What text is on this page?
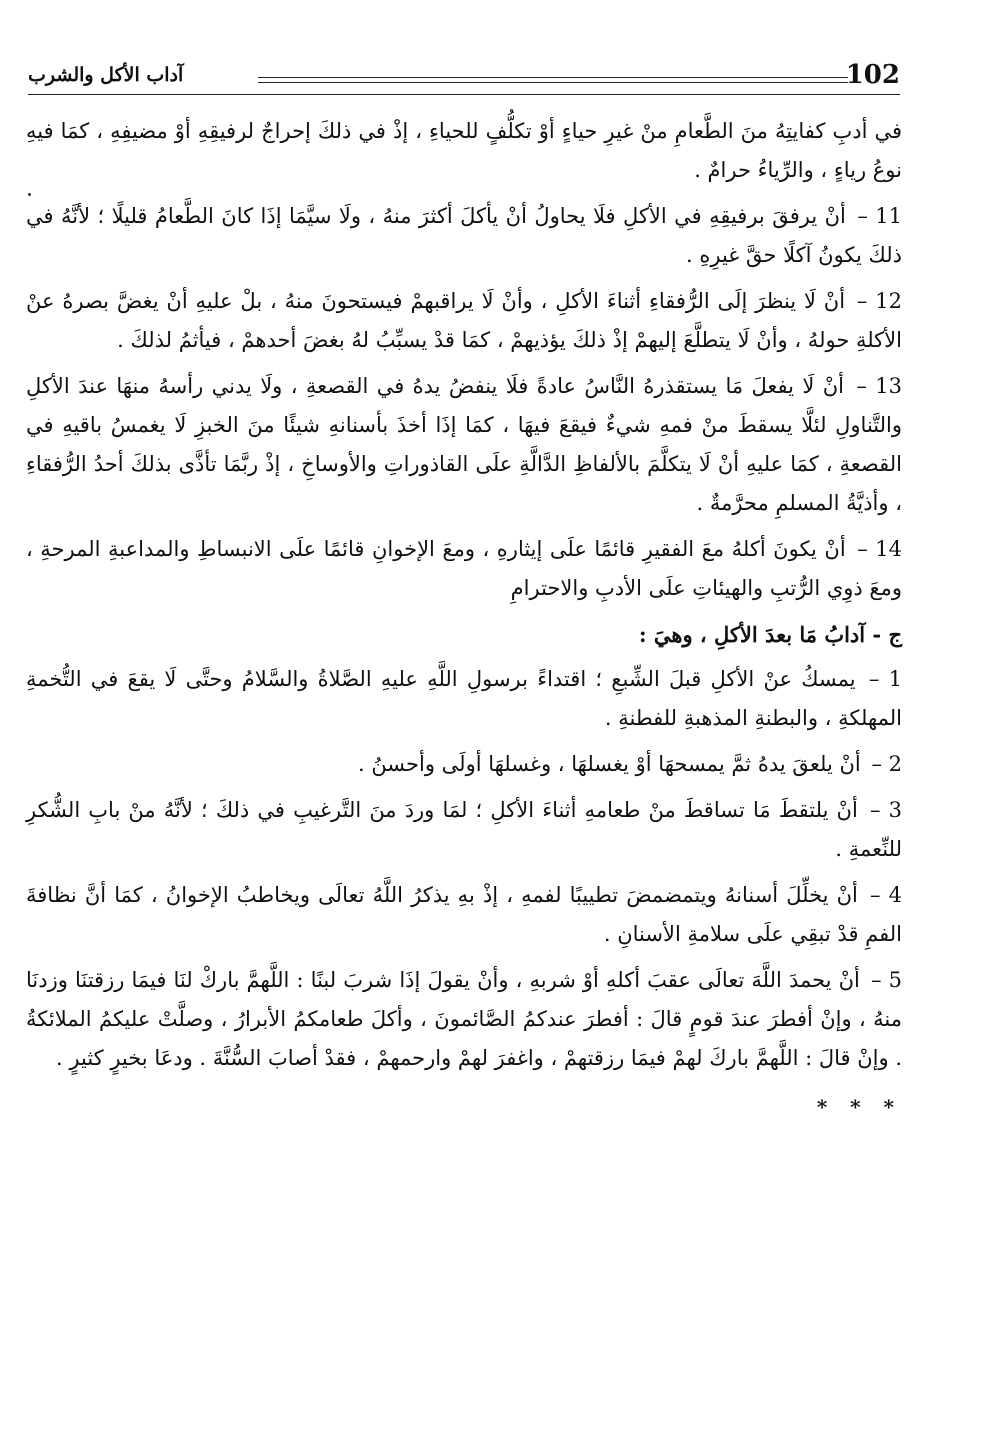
آداب الأكل والشرب	102

في أدبِ كفايتِهُ منَ الطَّعامِ منْ غيرِ حياءٍ أوْ تكلُّفٍ للحياءِ ، إذْ في ذلكَ إحراجٌ لرفيقِهِ أوْ مضيفِهِ ، كمَا فيهِ نوعُ رياءٍ ، والرِّياءُ حرامٌ .

11 – أنْ يرفقَ برفيقِهِ في الأكلِ فلَا يحاولُ أنْ يأكلَ أكثرَ منهُ ، ولَا سيَّمَا إذَا كانَ الطَّعامُ قليلًا ؛ لأنَّهُ في ذلكَ يكونُ آكلًا حقَّ غيرِهِ .

12 – أنْ لَا ينظرَ إلَى الرُّفقاءِ أثناءَ الأكلِ ، وأنْ لَا يراقبهمْ فيستحونَ منهُ ، بلْ عليهِ أنْ يغضَّ بصرهُ عنْ الأكلةِ حولهُ ، وأنْ لَا يتطلَّعَ إليهمْ إذْ ذلكَ يؤذيهمْ ، كمَا قدْ يسبِّبُ لهُ بغضَ أحدهمْ ، فيأثمُ لذلكَ .

13 – أنْ لَا يفعلَ مَا يستقذرهُ النَّاسُ عادةً فلَا ينفضُ يدهُ في القصعةِ ، ولَا يدني رأسهُ منهَا عندَ الأكلِ والتَّناولِ لئلَّا يسقطَ منْ فمهِ شيءٌ فيقعَ فيهَا ، كمَا إذَا أخذَ بأسنانهِ شيئًا منَ الخبزِ لَا يغمسُ باقيهِ في القصعةِ ، كمَا عليهِ أنْ لَا يتكلَّمَ بالألفاظِ الدَّالَّةِ علَى القاذوراتِ والأوساخِ ، إذْ ربَّمَا تأذَّى بذلكَ أحدُ الرُّفقاءِ ، وأذيَّةُ المسلمِ محرَّمةٌ .

14 – أنْ يكونَ أكلهُ معَ الفقيرِ قائمًا علَى إيثارهِ ، ومعَ الإخوانِ قائمًا علَى الانبساطِ والمداعبةِ المرحةِ ، ومعَ ذوِي الرُّتبِ والهيئاتِ علَى الأدبِ والاحترامِ

ج - آدابُ مَا بعدَ الأكلِ ، وهيَ :

1 – يمسكُ عنْ الأكلِ قبلَ الشِّبعِ ؛ اقتداءً برسولِ اللَّهِ عليهِ الصَّلاةُ والسَّلامُ وحتَّى لَا يقعَ في التُّخمةِ المهلكةِ ، والبطنةِ المذهبةِ للفطنةِ .

2 – أنْ يلعقَ يدهُ ثمَّ يمسحهَا أوْ يغسلهَا ، وغسلهَا أولَى وأحسنُ .

3 – أنْ يلتقطَ مَا تساقطَ منْ طعامهِ أثناءَ الأكلِ ؛ لمَا وردَ منَ التَّرغيبِ في ذلكَ ؛ لأنَّهُ منْ بابِ الشُّكرِ للنِّعمةِ .

4 – أنْ يخلِّلَ أسنانهُ ويتمضمضَ تطييبًا لفمهِ ، إذْ بهِ يذكرُ اللَّهُ تعالَى ويخاطبُ الإخوانُ ، كمَا أنَّ نظافةَ الفمِ قدْ تبقِي علَى سلامةِ الأسنانِ .

5 – أنْ يحمدَ اللَّهَ تعالَى عقبَ أكلهِ أوْ شربهِ ، وأنْ يقولَ إذَا شربَ لبنًا : اللَّهمَّ باركْ لنَا فيمَا رزقتنَا وزدنَا منهُ ، وإنْ أفطرَ عندَ قومٍ قالَ : أفطرَ عندكمُ الصَّائمونَ ، وأكلَ طعامكمُ الأبرارُ ، وصلَّتْ عليكمُ الملائكةُ . وإنْ قالَ : اللَّهمَّ باركَ لهمْ فيمَا رزقتهمْ ، واغفرَ لهمْ وارحمهمْ ، فقدْ أصابَ السُّنَّةَ . ودعَا بخيرٍ كثيرٍ .

* * *
